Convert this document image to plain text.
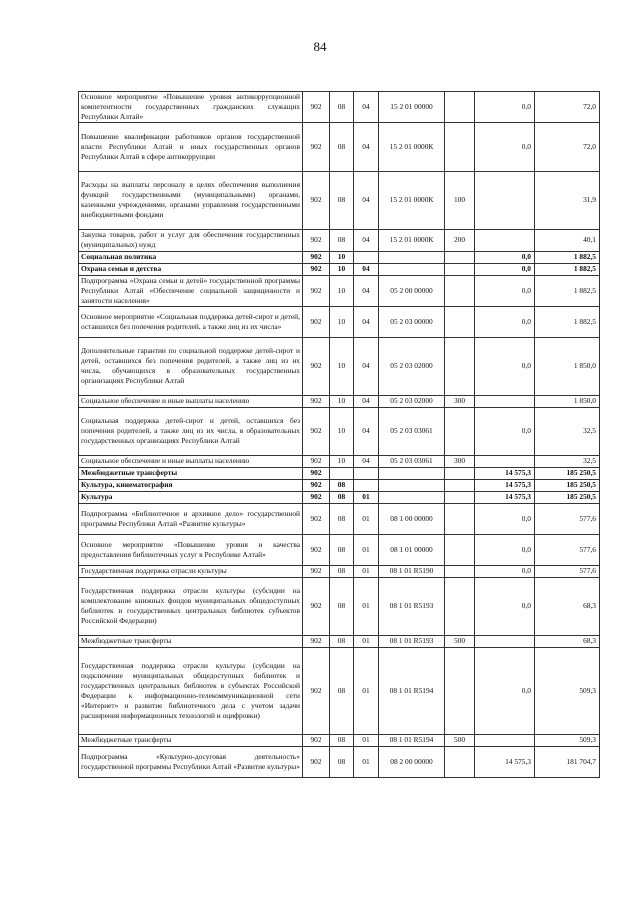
84
Основное мероприятие «Повышение уровня антикоррупционной компетентности государственных гражданских служащих Республики Алтай»	902	08	04	15 2 01 00000		0,0	72,0
Повышение квалификации работников органов государственной власти Республики Алтай и иных государственных органов Республики Алтай в сфере антикоррупции	902	08	04	15 2 01 0000К		0,0	72,0
Расходы на выплаты персоналу в целях обеспечения выполнения функций государственными (муниципальными) органами, казенными учреждениями, органами управления государственными внебюджетными фондами	902	08	04	15 2 01 0000К	100		31,9
Закупка товаров, работ и услуг для обеспечения государственных (муниципальных) нужд	902	08	04	15 2 01 0000К	200		40,1
Социальная политика	902	10				0,0	1 882,5
Охрана семьи и детства	902	10	04			0,0	1 882,5
Подпрограмма «Охрана семьи и детей» государственной программы Республики Алтай «Обеспечение социальной защищенности и занятости населения»	902	10	04	05 2 00 00000		0,0	1 882,5
Основное мероприятие «Социальная поддержка детей-сирот и детей, оставшихся без попечения родителей, а также лиц из их числа»	902	10	04	05 2 03 00000		0,0	1 882,5
Дополнительные гарантии по социальной поддержке детей-сирот и детей, оставшихся без попечения родителей, а также лиц из их числа, обучающихся в образовательных государственных организациях Республики Алтай	902	10	04	05 2 03 02000		0,0	1 850,0
Социальное обеспечение и иные выплаты населению	902	10	04	05 2 03 02000	300		1 850,0
Социальная поддержка детей-сирот и детей, оставшихся без попечения родителей, а также лиц из их числа, в образовательных государственных организациях Республики Алтай	902	10	04	05 2 03 03061		0,0	32,5
Социальное обеспечение и иные выплаты населению	902	10	04	05 2 03 03061	300		32,5
Межбюджетные трансферты	902					14 575,3	185 250,5
Культура, кинематография	902	08				14 575,3	185 250,5
Культура	902	08	01			14 575,3	185 250,5
Подпрограмма «Библиотечное и архивное дело» государственной программы Республики Алтай «Развитие культуры»	902	08	01	08 1 00 00000		0,0	577,6
Основное мероприятие «Повышение уровня и качества предоставления библиотечных услуг в Республике Алтай»	902	08	01	08 1 01 00000		0,0	577,6
Государственная поддержка отрасли культуры	902	08	01	08 1 01 R5190		0,0	577,6
Государственная поддержка отрасли культуры (субсидии на комплектование книжных фондов муниципальных общедоступных библиотек и государственных центральных библиотек субъектов Российской Федерации)	902	08	01	08 1 01 R5193		0,0	68,3
Межбюджетные трансферты	902	08	01	08 1 01 R5193	500		68,3
Государственная поддержка отрасли культуры (субсидии на подключение муниципальных общедоступных библиотек и государственных центральных библиотек в субъектах Российской Федерации к информационно-телекоммуникационной сети «Интернет» и развитие библиотечного дела с учетом задачи расширения информационных технологий и оцифровки)	902	08	01	08 1 01 R5194		0,0	509,3
Межбюджетные трансферты	902	08	01	08 1 01 R5194	500		509,3
Подпрограмма «Культурно-досуговая деятельность» государственной программы Республики Алтай «Развитие культуры»	902	08	01	08 2 00 00000		14 575,3	181 704,7
